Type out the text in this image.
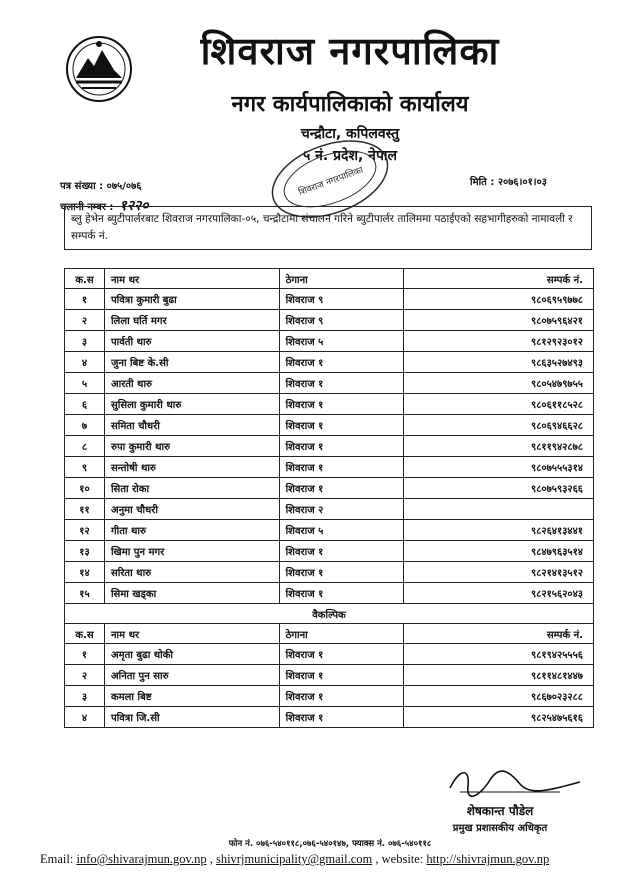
शिवराज नगरपालिका
नगर कार्यपालिकाको कार्यालय
चन्द्रौटा, कपिलवस्तु
५ नं. प्रदेश, नेपाल
शिवराज नगरपालिका
पत्र संख्या : ०७५/०७६
चलानी नम्बर : १२२०
मिति : २०७६।०१।०३
ब्लु हेभेन ब्युटीपार्लरबाट शिवराज नगरपालिका-०५, चन्द्रौटामा संचालन गरिने ब्युटीपार्लर तालिममा पठाईएको सहभागीहरुको नामावली र सम्पर्क नं.
क.स	नाम थर	ठेगाना	सम्पर्क नं.
१	पवित्रा कुमारी बुढा	शिवराज ९	९८०६९५९७७८
२	लिला घर्ति मगर	शिवराज ९	९८०७५९६४२१
३	पार्वती थारु	शिवराज ५	९८१२९२३०१२
४	जुना बिष्ट के.सी	शिवराज १	९८६३५२७४९३
५	आरती थारु	शिवराज १	९८०५४७९७५५
६	सुसिला कुमारी थारु	शिवराज १	९८०६११८५२८
७	समिता चौधरी	शिवराज १	९८०६९४६६२८
८	रुपा कुमारी थारु	शिवराज १	९८११९४२८७८
९	सन्तोषी थारु	शिवराज १	९८०७५५५३१४
१०	सिता रोका	शिवराज १	९८०७५९३२६६
११	अनुमा चौधरी	शिवराज २	
१२	गीता थारु	शिवराज ५	९८२६४१३४४१
१३	खिमा पुन मगर	शिवराज १	९८४७९६३५१४
१४	सरिता थारु	शिवराज १	९८२१४१३५१२
१५	सिमा खड्का	शिवराज १	९८२१५६२०४३
वैकल्पिक			
क.स	नाम थर	ठेगाना	सम्पर्क नं.
१	अमृता बुढा थोकी	शिवराज १	९८१९४२५५५६
२	अनिता पुन सारु	शिवराज १	९८११४८१४४७
३	कमला बिष्ट	शिवराज १	९८६७०२३२८८
४	पवित्रा जि.सी	शिवराज १	९८२५४७५६१६
शेषकान्त पौडेल
प्रमुख प्रशासकीय अधिकृत
फोन नं. ०७६-५४०११८,०७६-५४०१४७, फ्याक्स नं. ०७६-५४०११८
Email: info@shivarajmun.gov.np , shivrjmunicipality@gmail.com , website: http://shivrajmun.gov.np
